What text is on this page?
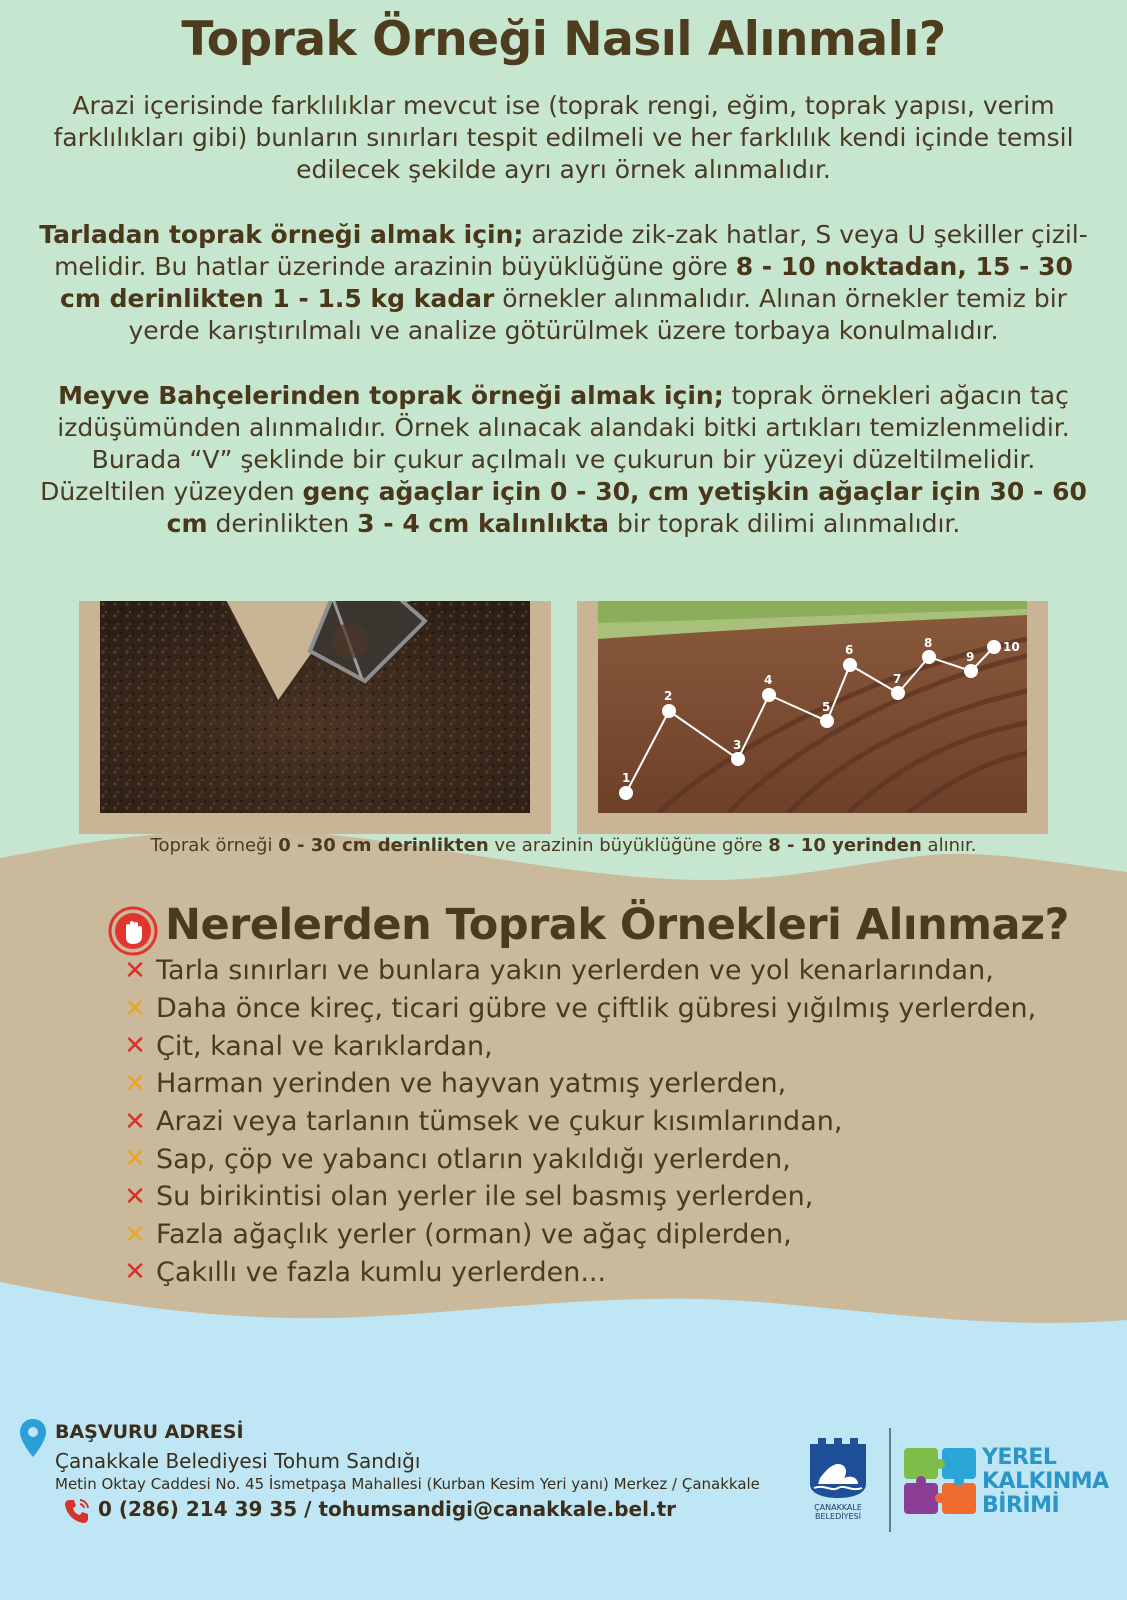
Toprak Örneği Nasıl Alınmalı?

Arazi içerisinde farklılıklar mevcut ise (toprak rengi, eğim, toprak yapısı, verim farklılıkları gibi) bunların sınırları tespit edilmeli ve her farklılık kendi içinde temsil edilecek şekilde ayrı ayrı örnek alınmalıdır.

Tarladan toprak örneği almak için; arazide zik-zak hatlar, S veya U şekiller çizil-melidir. Bu hatlar üzerinde arazinin büyüklüğüne göre 8 - 10 noktadan, 15 - 30 cm derinlikten 1 - 1.5 kg kadar örnekler alınmalıdır. Alınan örnekler temiz bir yerde karıştırılmalı ve analize götürülmek üzere torbaya konulmalıdır.

Meyve Bahçelerinden toprak örneği almak için; toprak örnekleri ağacın taç izdüşümünden alınmalıdır. Örnek alınacak alandaki bitki artıkları temizlenmelidir. Burada “V” şeklinde bir çukur açılmalı ve çukurun bir yüzeyi düzeltilmelidir. Düzeltilen yüzeyden genç ağaçlar için 0 - 30, cm yetişkin ağaçlar için 30 - 60 cm derinlikten 3 - 4 cm kalınlıkta bir toprak dilimi alınmalıdır.

1
2
3
4
5
6
7
8
9
10
Toprak örneği 0 - 30 cm derinlikten ve arazinin büyüklüğüne göre 8 - 10 yerinden alınır.
Nerelerden Toprak Örnekleri Alınmaz?
✕ Tarla sınırları ve bunlara yakın yerlerden ve yol kenarlarından,
✕ Daha önce kireç, ticari gübre ve çiftlik gübresi yığılmış yerlerden,
✕ Çit, kanal ve karıklardan,
✕ Harman yerinden ve hayvan yatmış yerlerden,
✕ Arazi veya tarlanın tümsek ve çukur kısımlarından,
✕ Sap, çöp ve yabancı otların yakıldığı yerlerden,
✕ Su birikintisi olan yerler ile sel basmış yerlerden,
✕ Fazla ağaçlık yerler (orman) ve ağaç diplerden,
✕ Çakıllı ve fazla kumlu yerlerden...
BAŞVURU ADRESİ
Çanakkale Belediyesi Tohum Sandığı
Metin Oktay Caddesi No. 45 İsmetpaşa Mahallesi (Kurban Kesim Yeri yanı) Merkez / Çanakkale
0 (286) 214 39 35 / tohumsandigi@canakkale.bel.tr	ÇANAKKALE
BELEDİYESİ
YEREL
KALKINMA
BİRİMİ
